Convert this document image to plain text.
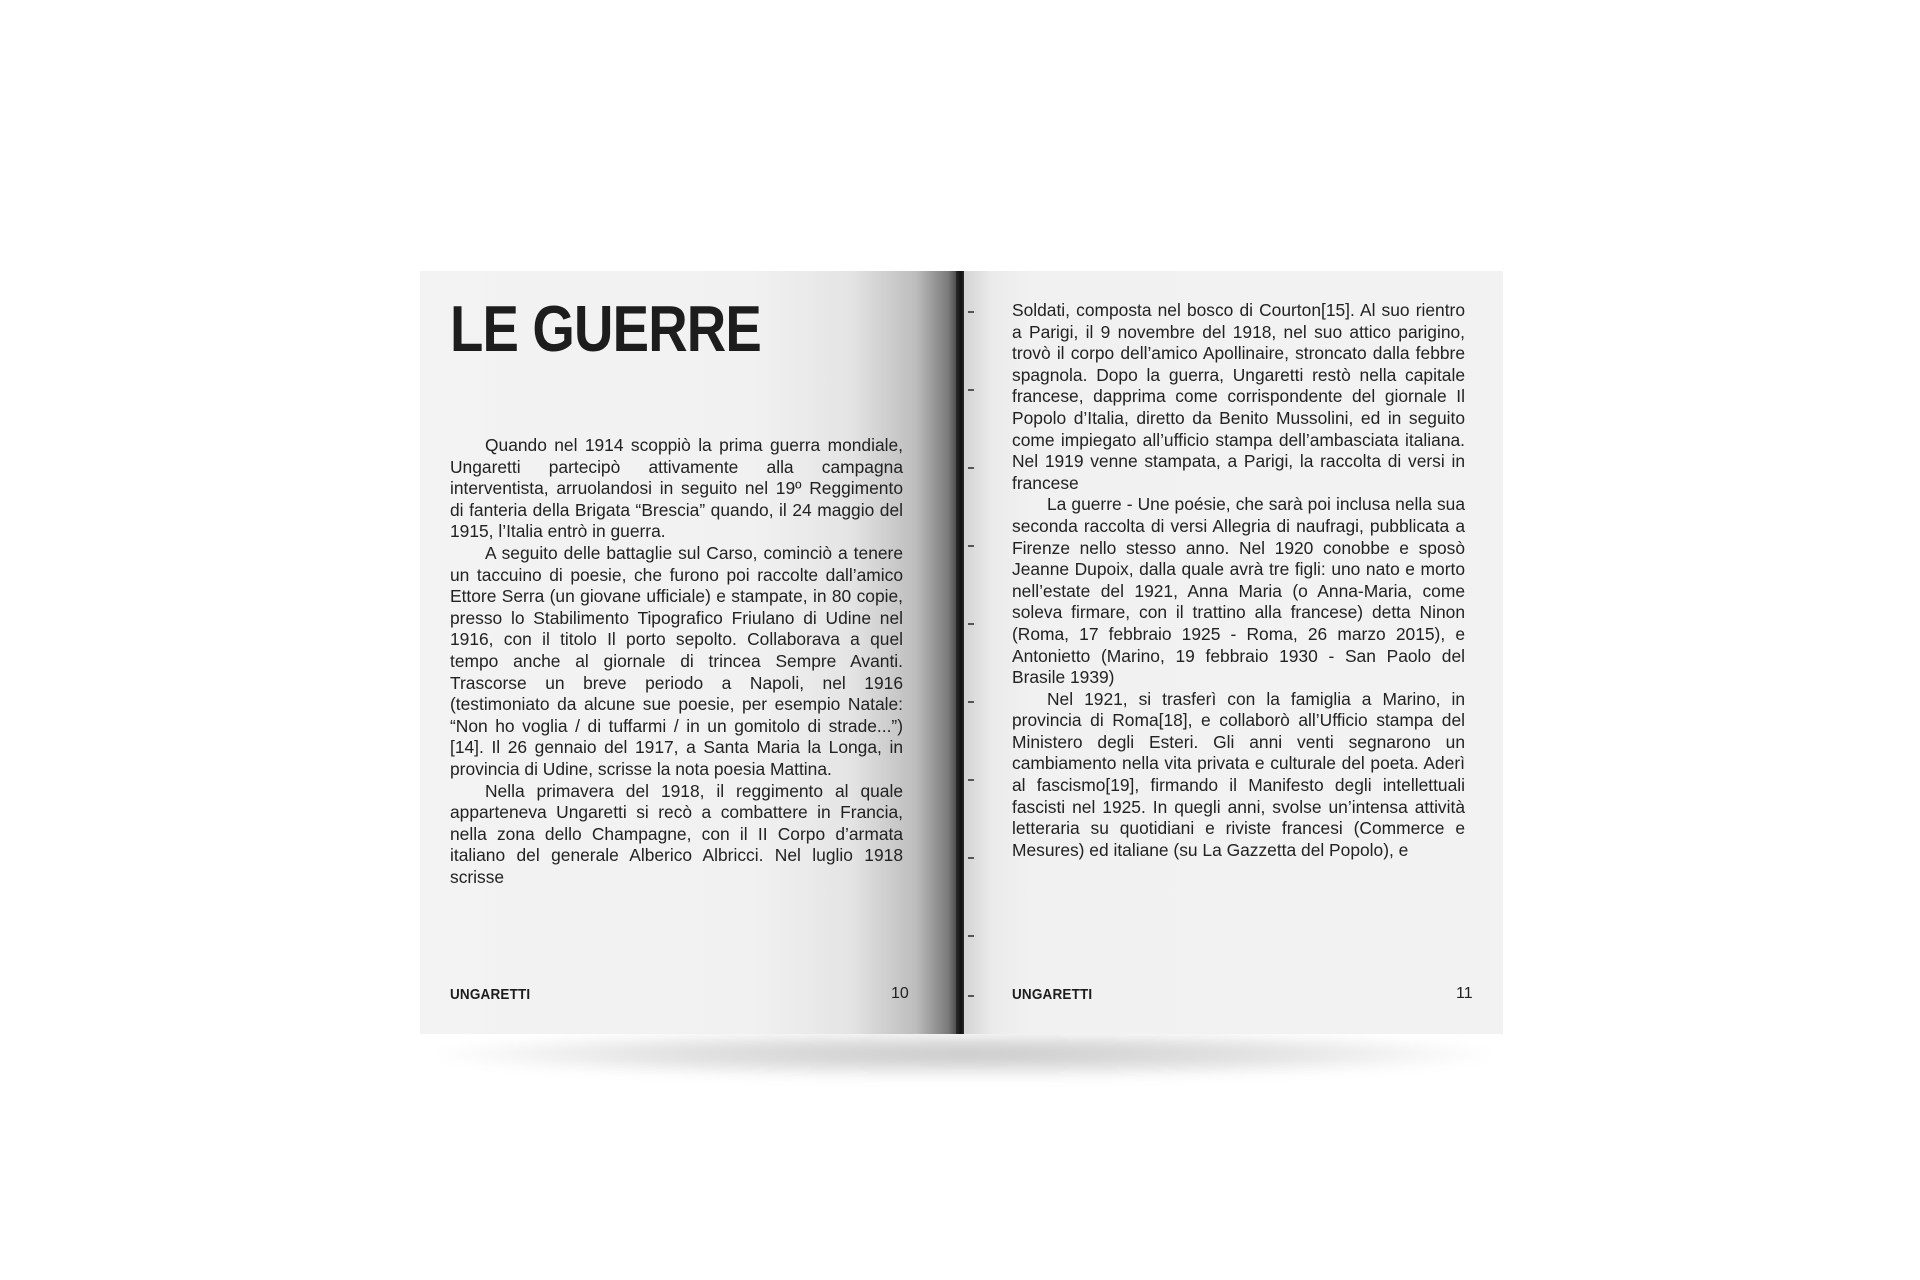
LE GUERRE

Quando nel 1914 scoppiò la prima guerra mondiale, Ungaretti partecipò attivamente alla campagna interventista, arruolandosi in seguito nel 19º Reggimento di fanteria della Brigata “Brescia” quando, il 24 maggio del 1915, l’Italia entrò in guerra.

A seguito delle battaglie sul Carso, cominciò a tenere un taccuino di poesie, che furono poi raccolte dall’amico Ettore Serra (un giovane ufficiale) e stampate, in 80 copie, presso lo Stabilimento Tipografico Friulano di Udine nel 1916, con il titolo Il porto sepolto. Collaborava a quel tempo anche al giornale di trincea Sempre Avanti. Trascorse un breve periodo a Napoli, nel 1916 (testimoniato da alcune sue poesie, per esempio Natale: “Non ho voglia / di tuffarmi / in un gomitolo di strade...”) [14]. Il 26 gennaio del 1917, a Santa Maria la Longa, in provincia di Udine, scrisse la nota poesia Mattina.

Nella primavera del 1918, il reggimento al quale apparteneva Ungaretti si recò a combattere in Francia, nella zona dello Champagne, con il II Corpo d’armata italiano del generale Alberico Albricci. Nel luglio 1918 scrisse

UNGARETTI	10

Soldati, composta nel bosco di Courton[15]. Al suo rientro a Parigi, il 9 novembre del 1918, nel suo attico parigino, trovò il corpo dell’amico Apollinaire, stroncato dalla febbre spagnola. Dopo la guerra, Ungaretti restò nella capitale francese, dapprima come corrispondente del giornale Il Popolo d’Italia, diretto da Benito Mussolini, ed in seguito come impiegato all’ufficio stampa dell’ambasciata italiana. Nel 1919 venne stampata, a Parigi, la raccolta di versi in francese

La guerre - Une poésie, che sarà poi inclusa nella sua seconda raccolta di versi Allegria di naufragi, pubblicata a Firenze nello stesso anno. Nel 1920 conobbe e sposò Jeanne Dupoix, dalla quale avrà tre figli: uno nato e morto nell’estate del 1921, Anna Maria (o Anna-Maria, come soleva firmare, con il trattino alla francese) detta Ninon (Roma, 17 febbraio 1925 - Roma, 26 marzo 2015), e Antonietto (Marino, 19 febbraio 1930 - San Paolo del Brasile 1939)

Nel 1921, si trasferì con la famiglia a Marino, in provincia di Roma[18], e collaborò all’Ufficio stampa del Ministero degli Esteri. Gli anni venti segnarono un cambiamento nella vita privata e culturale del poeta. Aderì al fascismo[19], firmando il Manifesto degli intellettuali fascisti nel 1925. In quegli anni, svolse un’intensa attività letteraria su quotidiani e riviste francesi (Commerce e Mesures) ed italiane (su La Gazzetta del Popolo), e

UNGARETTI	11
